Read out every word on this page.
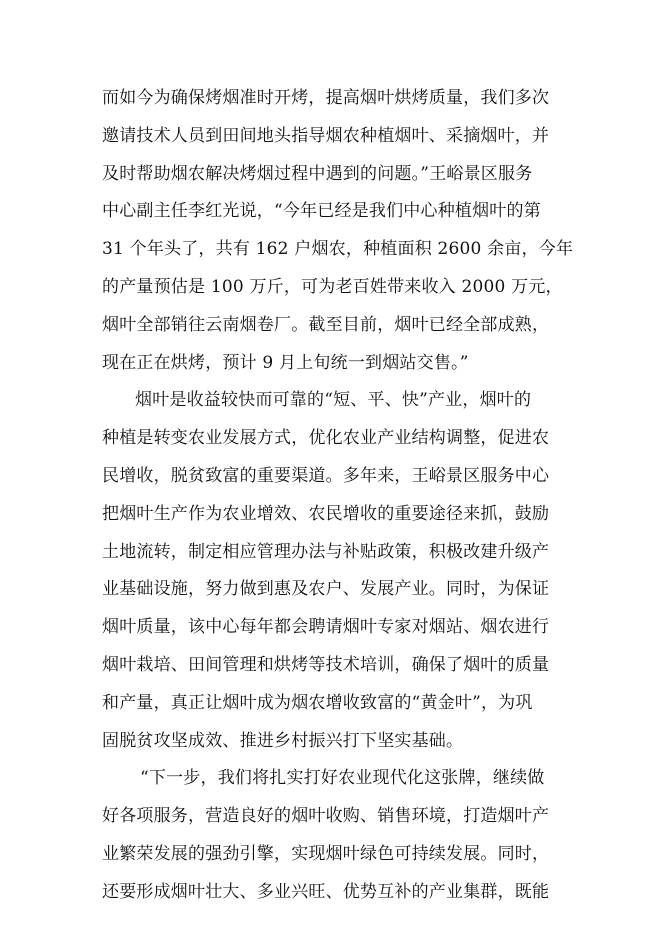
而如今为确保烤烟准时开烤，提高烟叶烘烤质量，我们多次
邀请技术人员到田间地头指导烟农种植烟叶、采摘烟叶，并
及时帮助烟农解决烤烟过程中遇到的问题。”王峪景区服务
中心副主任李红光说，“今年已经是我们中心种植烟叶的第
31 个年头了，共有 162 户烟农，种植面积 2600 余亩，今年
的产量预估是 100 万斤，可为老百姓带来收入 2000 万元，
烟叶全部销往云南烟卷厂。截至目前，烟叶已经全部成熟，
现在正在烘烤，预计 9 月上旬统一到烟站交售。”
烟叶是收益较快而可靠的“短、平、快”产业，烟叶的
种植是转变农业发展方式，优化农业产业结构调整，促进农
民增收，脱贫致富的重要渠道。多年来，王峪景区服务中心
把烟叶生产作为农业增效、农民增收的重要途径来抓，鼓励
土地流转，制定相应管理办法与补贴政策，积极改建升级产
业基础设施，努力做到惠及农户、发展产业。同时，为保证
烟叶质量，该中心每年都会聘请烟叶专家对烟站、烟农进行
烟叶栽培、田间管理和烘烤等技术培训，确保了烟叶的质量
和产量，真正让烟叶成为烟农增收致富的“黄金叶”，为巩
固脱贫攻坚成效、推进乡村振兴打下坚实基础。
“下一步，我们将扎实打好农业现代化这张牌，继续做
好各项服务，营造良好的烟叶收购、销售环境，打造烟叶产
业繁荣发展的强劲引擎，实现烟叶绿色可持续发展。同时，
还要形成烟叶壮大、多业兴旺、优势互补的产业集群，既能
